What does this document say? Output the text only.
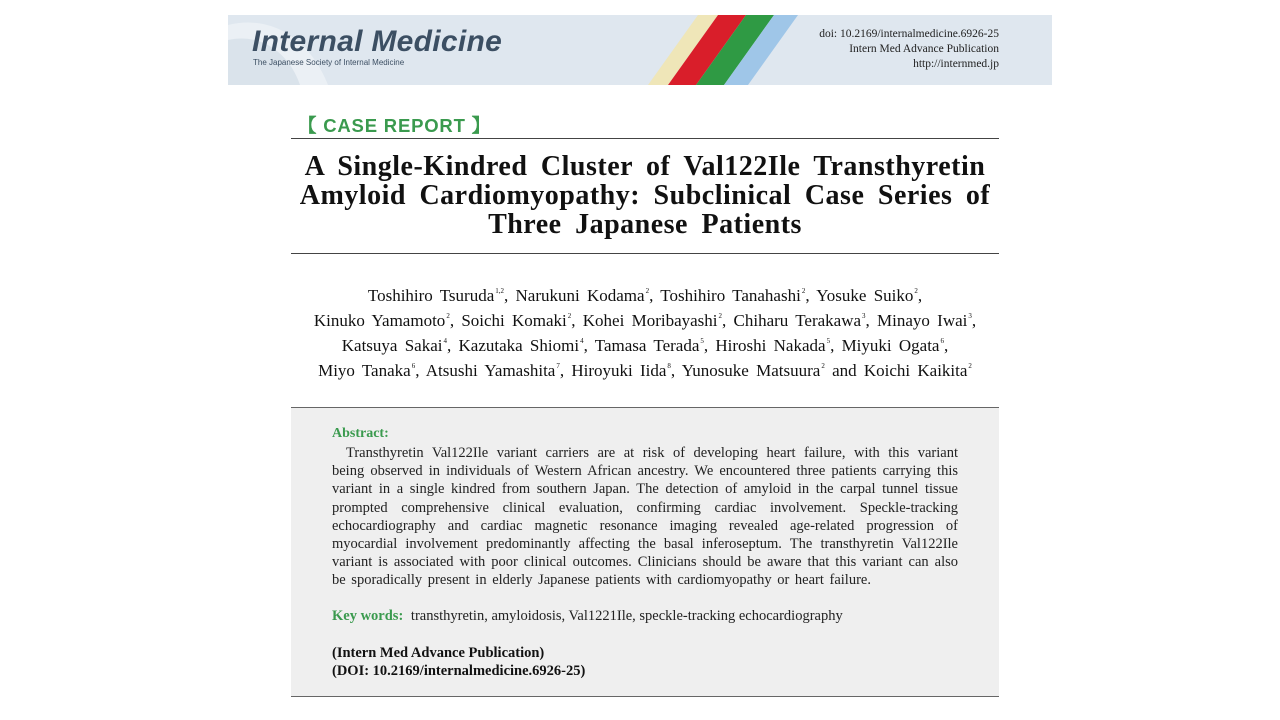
Internal Medicine
The Japanese Society of Internal Medicine
doi: 10.2169/internalmedicine.6926-25
Intern Med Advance Publication
http://internmed.jp
【 CASE REPORT 】
A Single-Kindred Cluster of Val122Ile Transthyretin Amyloid Cardiomyopathy: Subclinical Case Series of Three Japanese Patients
Toshihiro Tsuruda$^{1,2}$, Narukuni Kodama$^2$, Toshihiro Tanahashi$^2$, Yosuke Suiko$^2$,
Kinuko Yamamoto$^2$, Soichi Komaki$^2$, Kohei Moribayashi$^2$, Chiharu Terakawa$^3$, Minayo Iwai$^3$,
Katsuya Sakai$^4$, Kazutaka Shiomi$^4$, Tamasa Terada$^5$, Hiroshi Nakada$^5$, Miyuki Ogata$^6$,
Miyo Tanaka$^6$, Atsushi Yamashita$^7$, Hiroyuki Iida$^8$, Yunosuke Matsuura$^2$ and Koichi Kaikita$^2$
Abstract:
Transthyretin Val122Ile variant carriers are at risk of developing heart failure, with this variant being observed in individuals of Western African ancestry. We encountered three patients carrying this variant in a single kindred from southern Japan. The detection of amyloid in the carpal tunnel tissue prompted comprehensive clinical evaluation, confirming cardiac involvement. Speckle-tracking echocardiography and cardiac magnetic resonance imaging revealed age-related progression of myocardial involvement predominantly affecting the basal inferoseptum. The transthyretin Val122Ile variant is associated with poor clinical outcomes. Clinicians should be aware that this variant can also be sporadically present in elderly Japanese patients with cardiomyopathy or heart failure.
Key words: transthyretin, amyloidosis, Val1221Ile, speckle-tracking echocardiography
(Intern Med Advance Publication)
(DOI: 10.2169/internalmedicine.6926-25)
